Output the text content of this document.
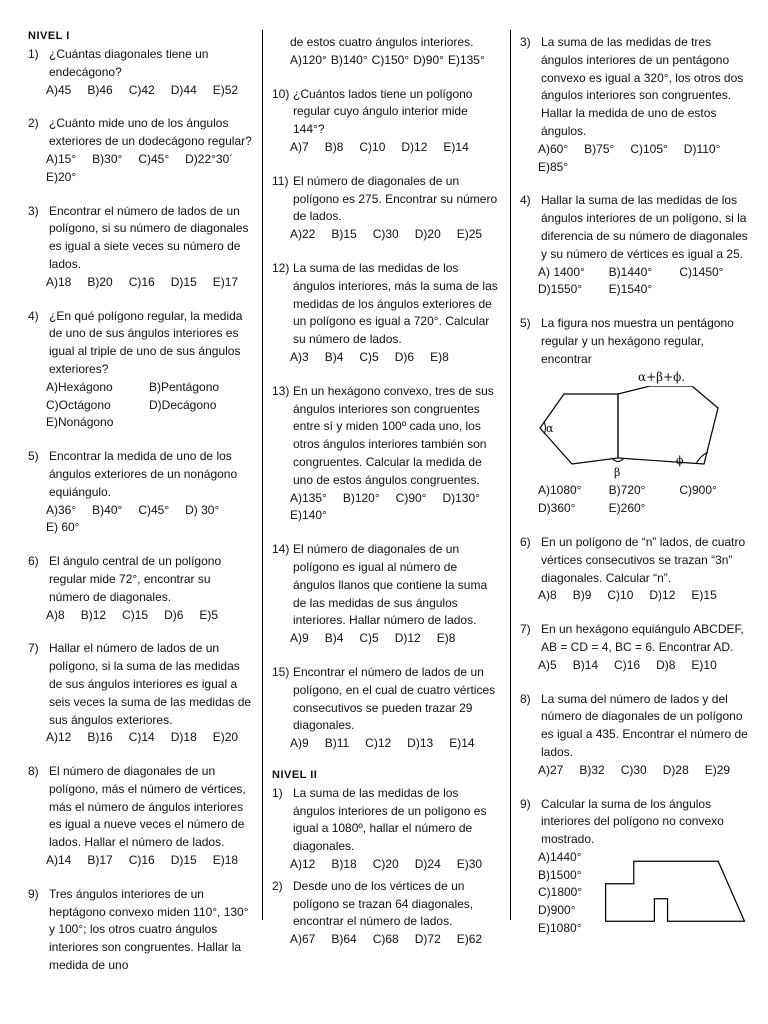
NIVEL I
1) ¿Cuántas diagonales tiene un endecágono?
A)45 B)46 C)42 D)44 E)52
2) ¿Cuánto mide uno de los ángulos exteriores de un dodecágono regular?
A)15° B)30° C)45° D)22°30´E)20°
3) Encontrar el número de lados de un polígono, si su número de diagonales es igual a siete veces su número de lados.
A)18 B)20 C)16 D)15 E)17
4) ¿En qué polígono regular, la medida de uno de sus ángulos interiores es igual al triple de uno de sus ángulos exteriores?
A)Hexágono	B)Pentágono
C)Octágono	D)Decágono
E)Nonágono
5) Encontrar la medida de uno de los ángulos exteriores de un nonágono equiángulo.
A)36° B)40° C)45° D) 30°E) 60°
6) El ángulo central de un polígono regular mide 72°, encontrar su número de diagonales.
A)8 B)12 C)15 D)6 E)5
7) Hallar el número de lados de un polígono, si la suma de las medidas de sus ángulos interiores es igual a seis veces la suma de las medidas de sus ángulos exteriores.
A)12 B)16 C)14 D)18 E)20
8) El número de diagonales de un polígono, más el número de vértices, más el número de ángulos interiores es igual a nueve veces el número de lados. Hallar el número de lados.
A)14 B)17 C)16 D)15 E)18
9) Tres ángulos interiores de un heptágono convexo miden 110°, 130° y 100°; los otros cuatro ángulos interiores son congruentes. Hallar la medida de uno
de estos cuatro ángulos interiores.
A)120° B)140° C)150° D)90° E)135°
10) ¿Cuántos lados tiene un polígono regular cuyo ángulo interior mide 144°?
A)7 B)8 C)10 D)12 E)14
11) El número de diagonales de un polígono es 275. Encontrar su número de lados.
A)22 B)15 C)30 D)20 E)25
12) La suma de las medidas de los ángulos interiores, más la suma de las medidas de los ángulos exteriores de un polígono es igual a 720°. Calcular su número de lados.
A)3 B)4 C)5 D)6 E)8
13) En un hexágono convexo, tres de sus ángulos interiores son congruentes entre sí y miden 100º cada uno, los otros ángulos interiores también son congruentes. Calcular la medida de uno de estos ángulos congruentes.
A)135° B)120° C)90° D)130°E)140°
14) El número de diagonales de un polígono es igual al número de ángulos llanos que contiene la suma de las medidas de sus ángulos interiores. Hallar número de lados.
A)9 B)4 C)5 D)12 E)8
15) Encontrar el número de lados de un polígono, en el cual de cuatro vértices consecutivos se pueden trazar 29 diagonales.
A)9 B)11 C)12 D)13 E)14
NIVEL II
1) La suma de las medidas de los ángulos interiores de un polígono es igual a 1080º, hallar el número de diagonales.
A)12 B)18 C)20 D)24 E)30
2) Desde uno de los vértices de un polígono se trazan 64 diagonales, encontrar el número de lados.
A)67 B)64 C)68 D)72 E)62
3) La suma de las medidas de tres ángulos interiores de un pentágono convexo es igual a 320°, los otros dos ángulos interiores son congruentes. Hallar la medida de uno de estos ángulos.
A)60° B)75° C)105° D)110°E)85°
4) Hallar la suma de las medidas de los ángulos interiores de un polígono, si la diferencia de su número de diagonales y su número de vértices es igual a 25.
A) 1400°	B)1440°	C)1450°
D)1550°	E)1540°
5) La figura nos muestra un pentágono regular y un hexágono regular, encontrar
α+β+ϕ.
α
β
ϕ
A)1080°	B)720°	C)900°
D)360°	E)260°
6) En un polígono de “n” lados, de cuatro vértices consecutivos se trazan “3n” diagonales. Calcular “n”.
A)8 B)9 C)10 D)12 E)15
7) En un hexágono equiángulo ABCDEF, AB = CD = 4, BC = 6. Encontrar AD.
A)5 B)14 C)16 D)8 E)10
8) La suma del número de lados y del número de diagonales de un polígono es igual a 435. Encontrar el número de lados.
A)27 B)32 C)30 D)28 E)29
9) Calcular la suma de los ángulos interiores del polígono no convexo mostrado.
A)1440°
B)1500°
C)1800°
D)900°
E)1080°
